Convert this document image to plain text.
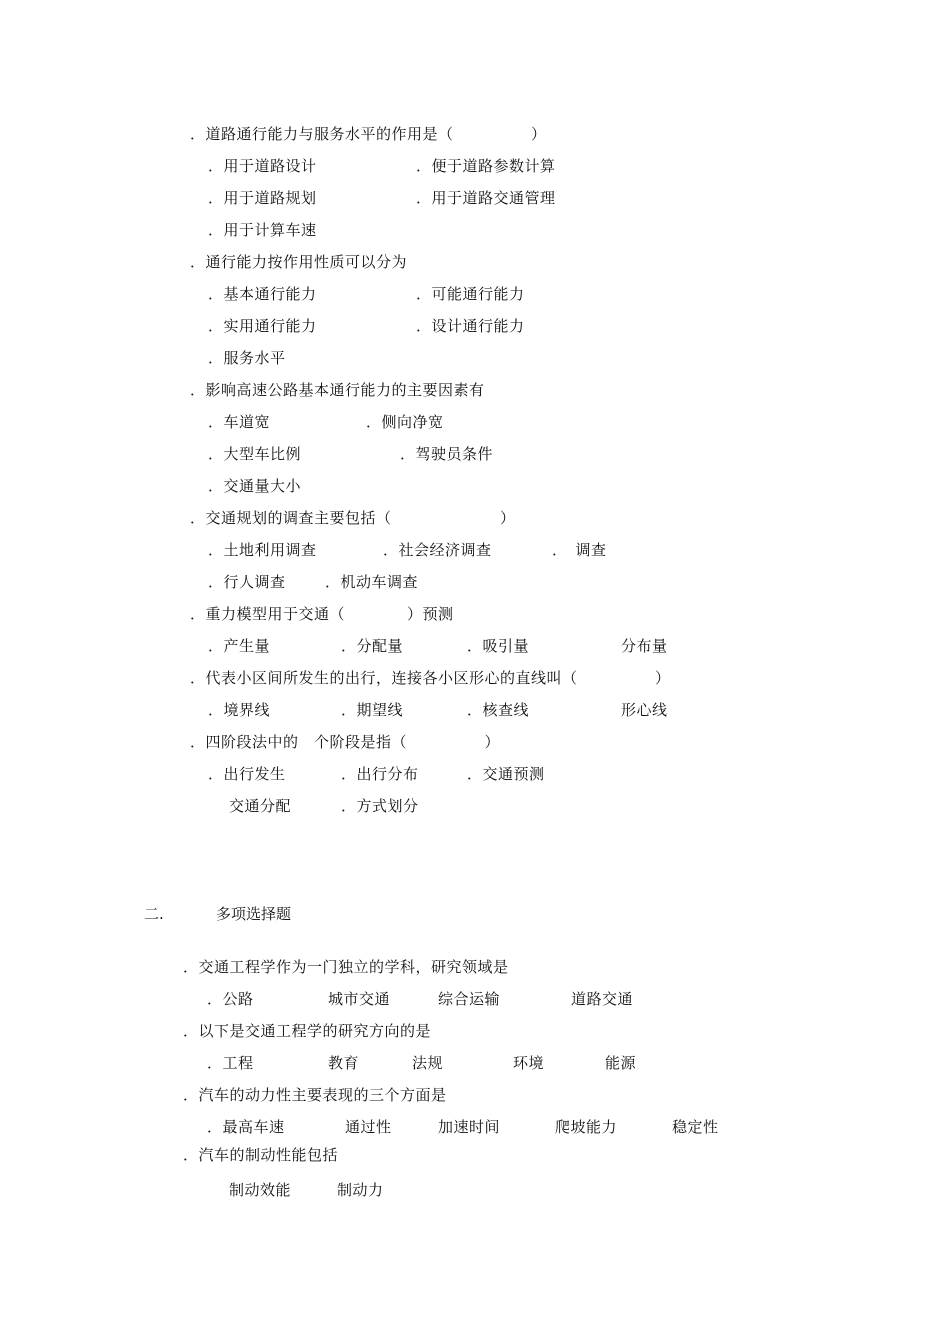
．道路通行能力与服务水平的作用是（　　　　　）
．用于道路设计	．便于道路参数计算
．用于道路规划	．用于道路交通管理
．用于计算车速
．通行能力按作用性质可以分为
．基本通行能力	．可能通行能力
．实用通行能力	．设计通行能力
．服务水平
．影响高速公路基本通行能力的主要因素有
．车道宽	．侧向净宽
．大型车比例	．驾驶员条件
．交通量大小
．交通规划的调查主要包括（　　　　　　　）
．土地利用调查	．社会经济调查	．　调查
．行人调查	．机动车调查
．重力模型用于交通（　　　　）预测
．产生量	．分配量	．吸引量	分布量
．代表小区间所发生的出行，连接各小区形心的直线叫（　　　　　）
．境界线	．期望线	．核查线	形心线
．四阶段法中的　个阶段是指（　　　　　）
．出行发生	．出行分布	．交通预测
交通分配	．方式划分
二.	多项选择题
．交通工程学作为一门独立的学科，研究领域是
．公路	城市交通	综合运输	道路交通
．以下是交通工程学的研究方向的是
．工程	教育	法规	环境	能源
．汽车的动力性主要表现的三个方面是
．最高车速	通过性	加速时间	爬坡能力	稳定性
．汽车的制动性能包括
制动效能	制动力
